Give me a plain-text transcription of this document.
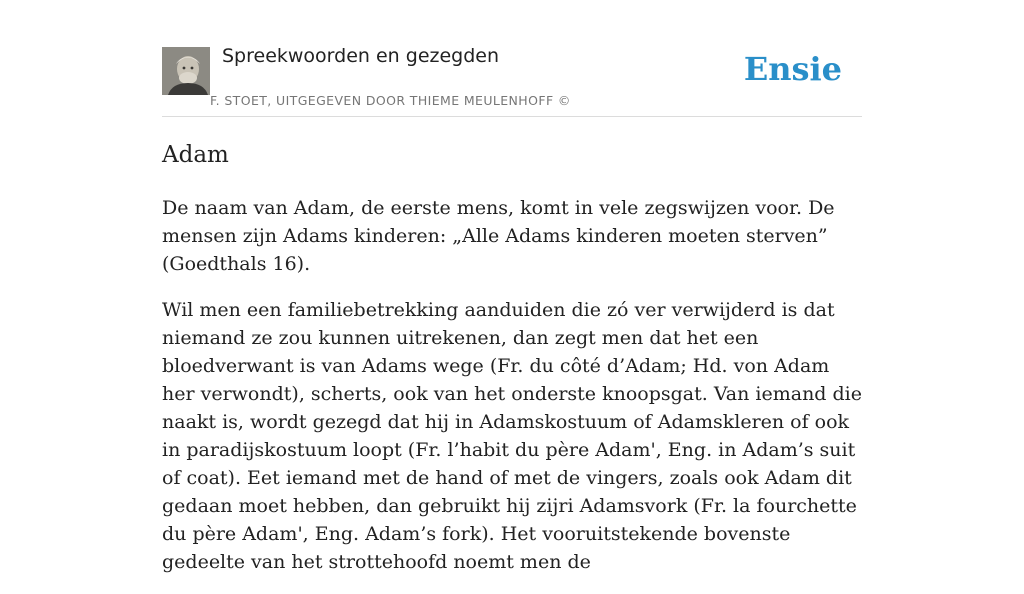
Spreekwoorden en gezegden
F. STOET, UITGEGEVEN DOOR THIEME MEULENHOFF ©
Ensie
Adam

De naam van Adam, de eerste mens, komt in vele zegswijzen voor. De mensen zijn Adams kinderen: „Alle Adams kinderen moeten sterven” (Goedthals 16).

Wil men een familiebetrekking aanduiden die zó ver verwijderd is dat niemand ze zou kunnen uitrekenen, dan zegt men dat het een bloedverwant is van Adams wege (Fr. du côté d’Adam; Hd. von Adam her verwondt), scherts, ook van het onderste knoopsgat. Van iemand die naakt is, wordt gezegd dat hij in Adamskostuum of Adamskleren of ook in paradijskostuum loopt (Fr. l’habit du père Adam', Eng. in Adam’s suit of coat). Eet iemand met de hand of met de vingers, zoals ook Adam dit gedaan moet hebben, dan gebruikt hij zijri Adamsvork (Fr. la fourchette du père Adam', Eng. Adam’s fork). Het vooruitstekende bovenste gedeelte van het strottehoofd noemt men de
